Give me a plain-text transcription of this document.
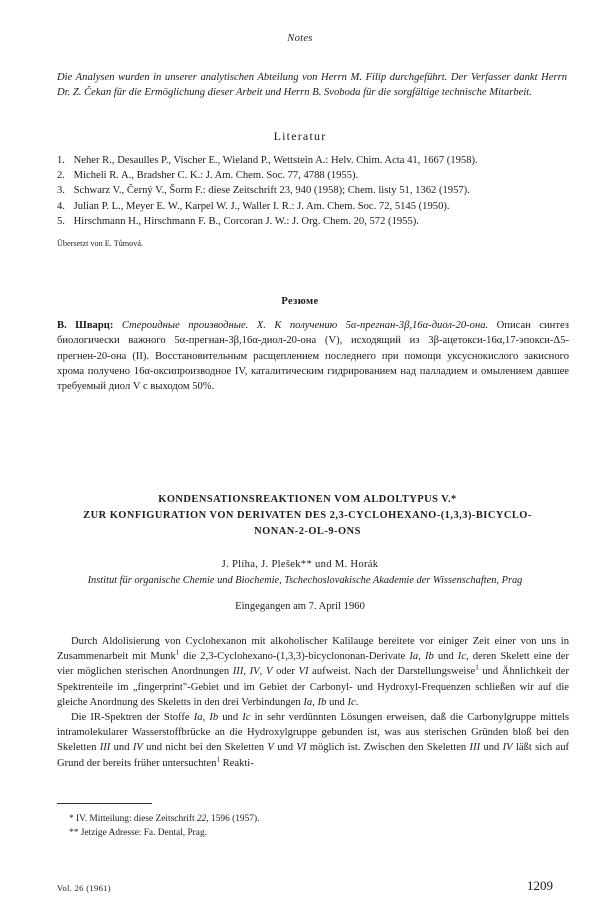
Notes
Die Analysen wurden in unserer analytischen Abteilung von Herrn M. Filip durchgeführt. Der Verfasser dankt Herrn Dr. Z. Čekan für die Ermöglichung dieser Arbeit und Herrn B. Svoboda für die sorgfältige technische Mitarbeit.
Literatur
1. Neher R., Desaulles P., Vischer E., Wieland P., Wettstein A.: Helv. Chim. Acta 41, 1667 (1958).
2. Micheli R. A., Bradsher C. K.: J. Am. Chem. Soc. 77, 4788 (1955).
3. Schwarz V., Černý V., Šorm F.: diese Zeitschrift 23, 940 (1958); Chem. listy 51, 1362 (1957).
4. Julian P. L., Meyer E. W., Karpel W. J., Waller I. R.: J. Am. Chem. Soc. 72, 5145 (1950).
5. Hirschmann H., Hirschmann F. B., Corcoran J. W.: J. Org. Chem. 20, 572 (1955).
Übersetzt von E. Tůmová.
Резюме
В. Шварц: Стероидные производные. X. К получению 5α-прегнан-3β,16α-диол-20-она. Описан синтез биологически важного 5α-прегнан-3β,16α-диол-20-она (V), исходящий из 3β-ацетокси-16α,17-эпокси-Δ5-прегнен-20-она (II). Восстановительным расщеплением последнего при помощи уксуснокислого закисного хрома получено 16α-оксипроизводное IV, каталитическим гидрированием над палладием и омылением давшее требуемый диол V с выходом 50%.
KONDENSATIONSREAKTIONEN VOM ALDOLTYPUS V.*
ZUR KONFIGURATION VON DERIVATEN DES 2,3-CYCLOHEXANO-(1,3,3)-BICYCLO-
NONAN-2-OL-9-ONS
J. Plíha, J. Plešek** und M. Horák
Institut für organische Chemie und Biochemie, Tschechoslovakische Akademie der Wissenschaften, Prag
Eingegangen am 7. April 1960

Durch Aldolisierung von Cyclohexanon mit alkoholischer Kalilauge bereitete vor einiger Zeit einer von uns in Zusammenarbeit mit Munk$^1$ die 2,3-Cyclohexano-(1,3,3)-bicyclononan-Derivate Ia, Ib und Ic, deren Skelett eine der vier möglichen sterischen Anordnungen III, IV, V oder VI aufweist. Nach der Darstellungsweise$^1$ und Ähnlichkeit der Spektrenteile im „fingerprint"-Gebiet und im Gebiet der Carbonyl- und Hydroxyl-Frequenzen schließen wir auf die gleiche Anordnung des Skeletts in den drei Verbindungen Ia, Ib und Ic.

Die IR-Spektren der Stoffe Ia, Ib und Ic in sehr verdünnten Lösungen erweisen, daß die Carbonylgruppe mittels intramolekularer Wasserstoffbrücke an die Hydroxylgruppe gebunden ist, was aus sterischen Gründen bloß bei den Skeletten III und IV und nicht bei den Skeletten V und VI möglich ist. Zwischen den Skeletten III und IV läßt sich auf Grund der bereits früher untersuchten$^1$ Reakti-

* IV. Mitteilung: diese Zeitschrift 22, 1596 (1957).
** Jetzige Adresse: Fa. Dental, Prag.
Vol. 26 (1961)	1209
